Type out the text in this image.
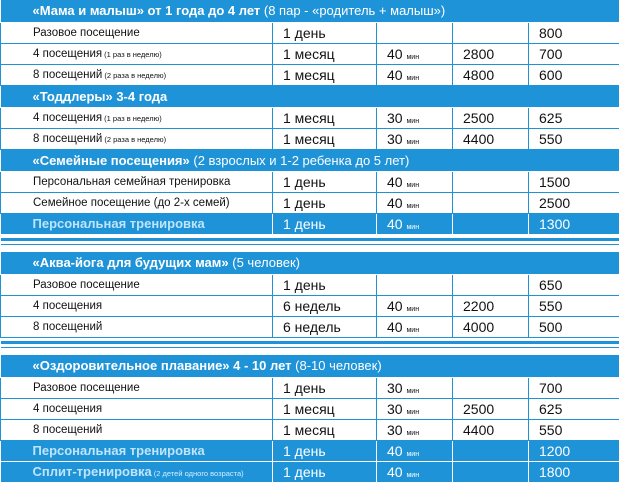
«Мама и малыш» от 1 года до 4 лет (8 пар - «родитель + малыш»)				
Разовое посещение	1 день			800
4 посещения (1 раз в неделю)	1 месяц	40 мин	2800	700
8 посещений (2 раза в неделю)	1 месяц	40 мин	4800	600
«Тоддлеры» 3-4 года				
4 посещения (1 раз в неделю)	1 месяц	30 мин	2500	625
8 посещений (2 раза в неделю)	1 месяц	30 мин	4400	550
«Семейные посещения» (2 взрослых и 1-2 ребенка до 5 лет)				
Персональная семейная тренировка	1 день	40 мин		1500
Семейное посещение (до 2-х семей)	1 день	40 мин		2500
Персональная тренировка	1 день	40 мин		1300

«Аква-йога для будущих мам» (5 человек)				
Разовое посещение	1 день			650
4 посещения	6 недель	40 мин	2200	550
8 посещений	6 недель	40 мин	4000	500

«Оздоровительное плавание» 4 - 10 лет (8-10 человек)				
Разовое посещение	1 день	30 мин		700
4 посещения	1 месяц	30 мин	2500	625
8 посещений	1 месяц	30 мин	4400	550
Персональная тренировка	1 день	40 мин		1200
Сплит-тренировка (2 детей одного возраста)	1 день	40 мин		1800
